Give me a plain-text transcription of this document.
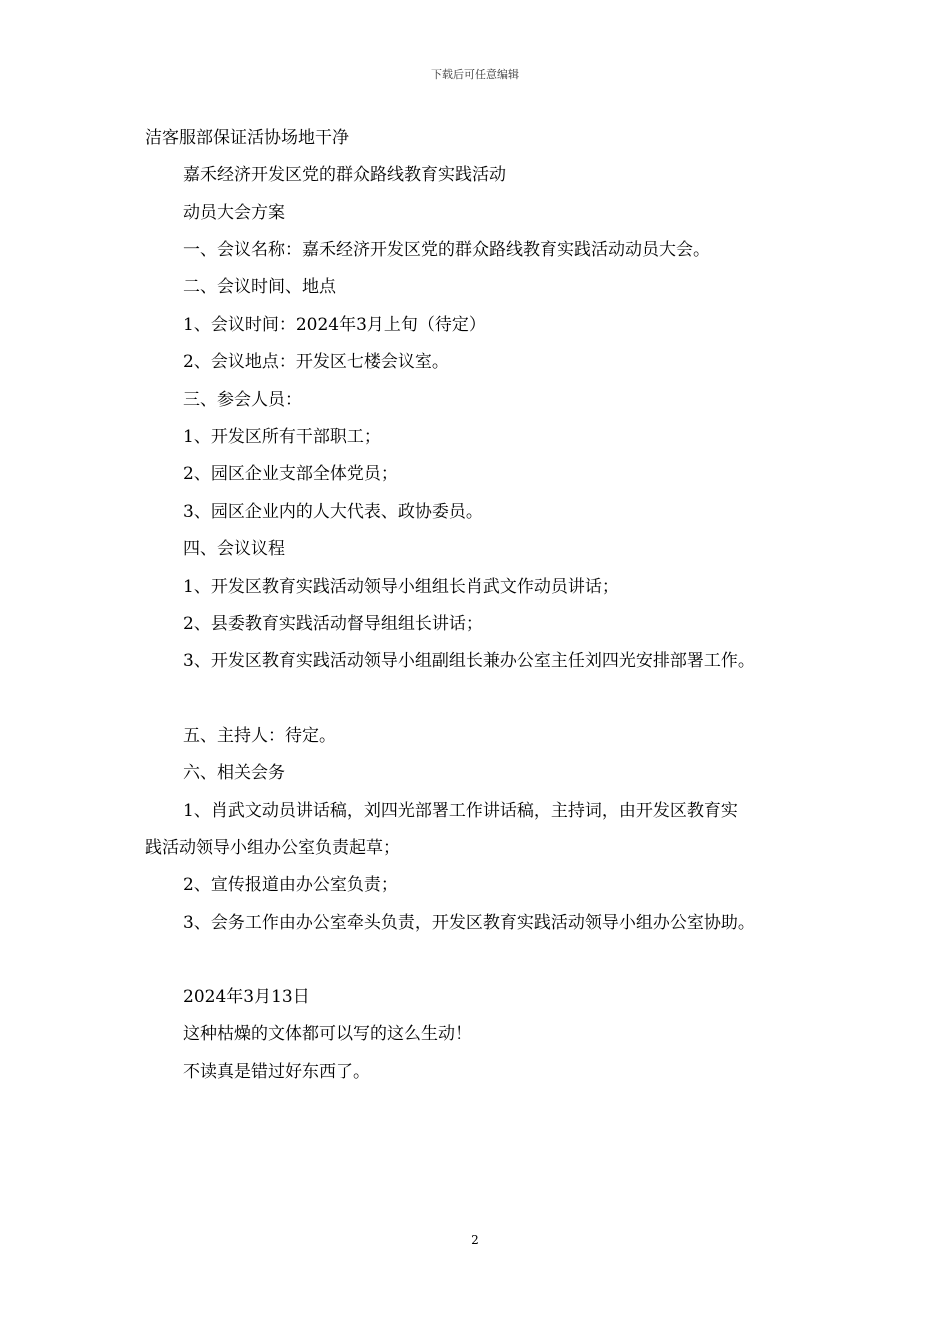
下载后可任意编辑
洁客服部保证活协场地干净
嘉禾经济开发区党的群众路线教育实践活动
动员大会方案
一、会议名称：嘉禾经济开发区党的群众路线教育实践活动动员大会。
二、会议时间、地点
1、会议时间：2024年3月上旬（待定）
2、会议地点：开发区七楼会议室。
三、参会人员：
1、开发区所有干部职工；
2、园区企业支部全体党员；
3、园区企业内的人大代表、政协委员。
四、会议议程
1、开发区教育实践活动领导小组组长肖武文作动员讲话；
2、县委教育实践活动督导组组长讲话；
3、开发区教育实践活动领导小组副组长兼办公室主任刘四光安排部署工作。
五、主持人：待定。
六、相关会务
1、肖武文动员讲话稿，刘四光部署工作讲话稿，主持词，由开发区教育实
践活动领导小组办公室负责起草；
2、宣传报道由办公室负责；
3、会务工作由办公室牵头负责，开发区教育实践活动领导小组办公室协助。
2024年3月13日
这种枯燥的文体都可以写的这么生动！
不读真是错过好东西了。
2
